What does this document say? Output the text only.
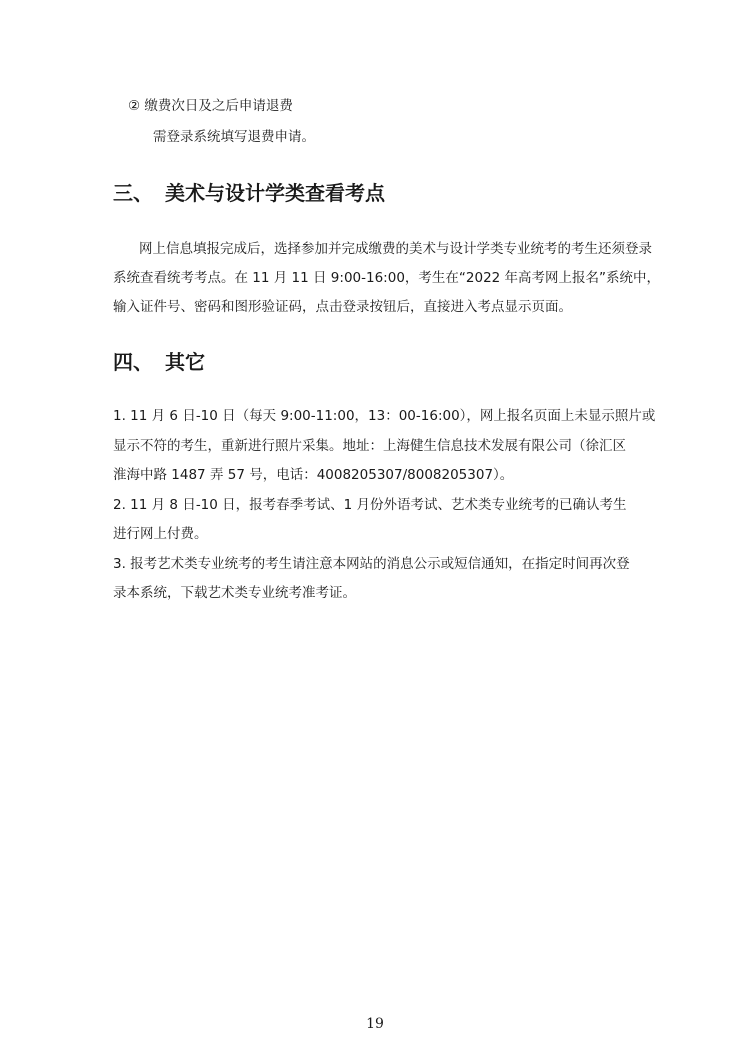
② 缴费次日及之后申请退费
需登录系统填写退费申请。
三、 美术与设计学类查看考点
网上信息填报完成后，选择参加并完成缴费的美术与设计学类专业统考的考生还须登录
系统查看统考考点。在 11 月 11 日 9:00-16:00，考生在“2022 年高考网上报名”系统中，
输入证件号、密码和图形验证码，点击登录按钮后，直接进入考点显示页面。
四、 其它
1. 11 月 6 日-10 日（每天 9:00-11:00，13：00-16:00），网上报名页面上未显示照片或
显示不符的考生，重新进行照片采集。地址：上海健生信息技术发展有限公司（徐汇区
淮海中路 1487 弄 57 号，电话：4008205307/8008205307）。
2. 11 月 8 日-10 日，报考春季考试、1 月份外语考试、艺术类专业统考的已确认考生
进行网上付费。
3. 报考艺术类专业统考的考生请注意本网站的消息公示或短信通知，在指定时间再次登
录本系统，下载艺术类专业统考准考证。
19
